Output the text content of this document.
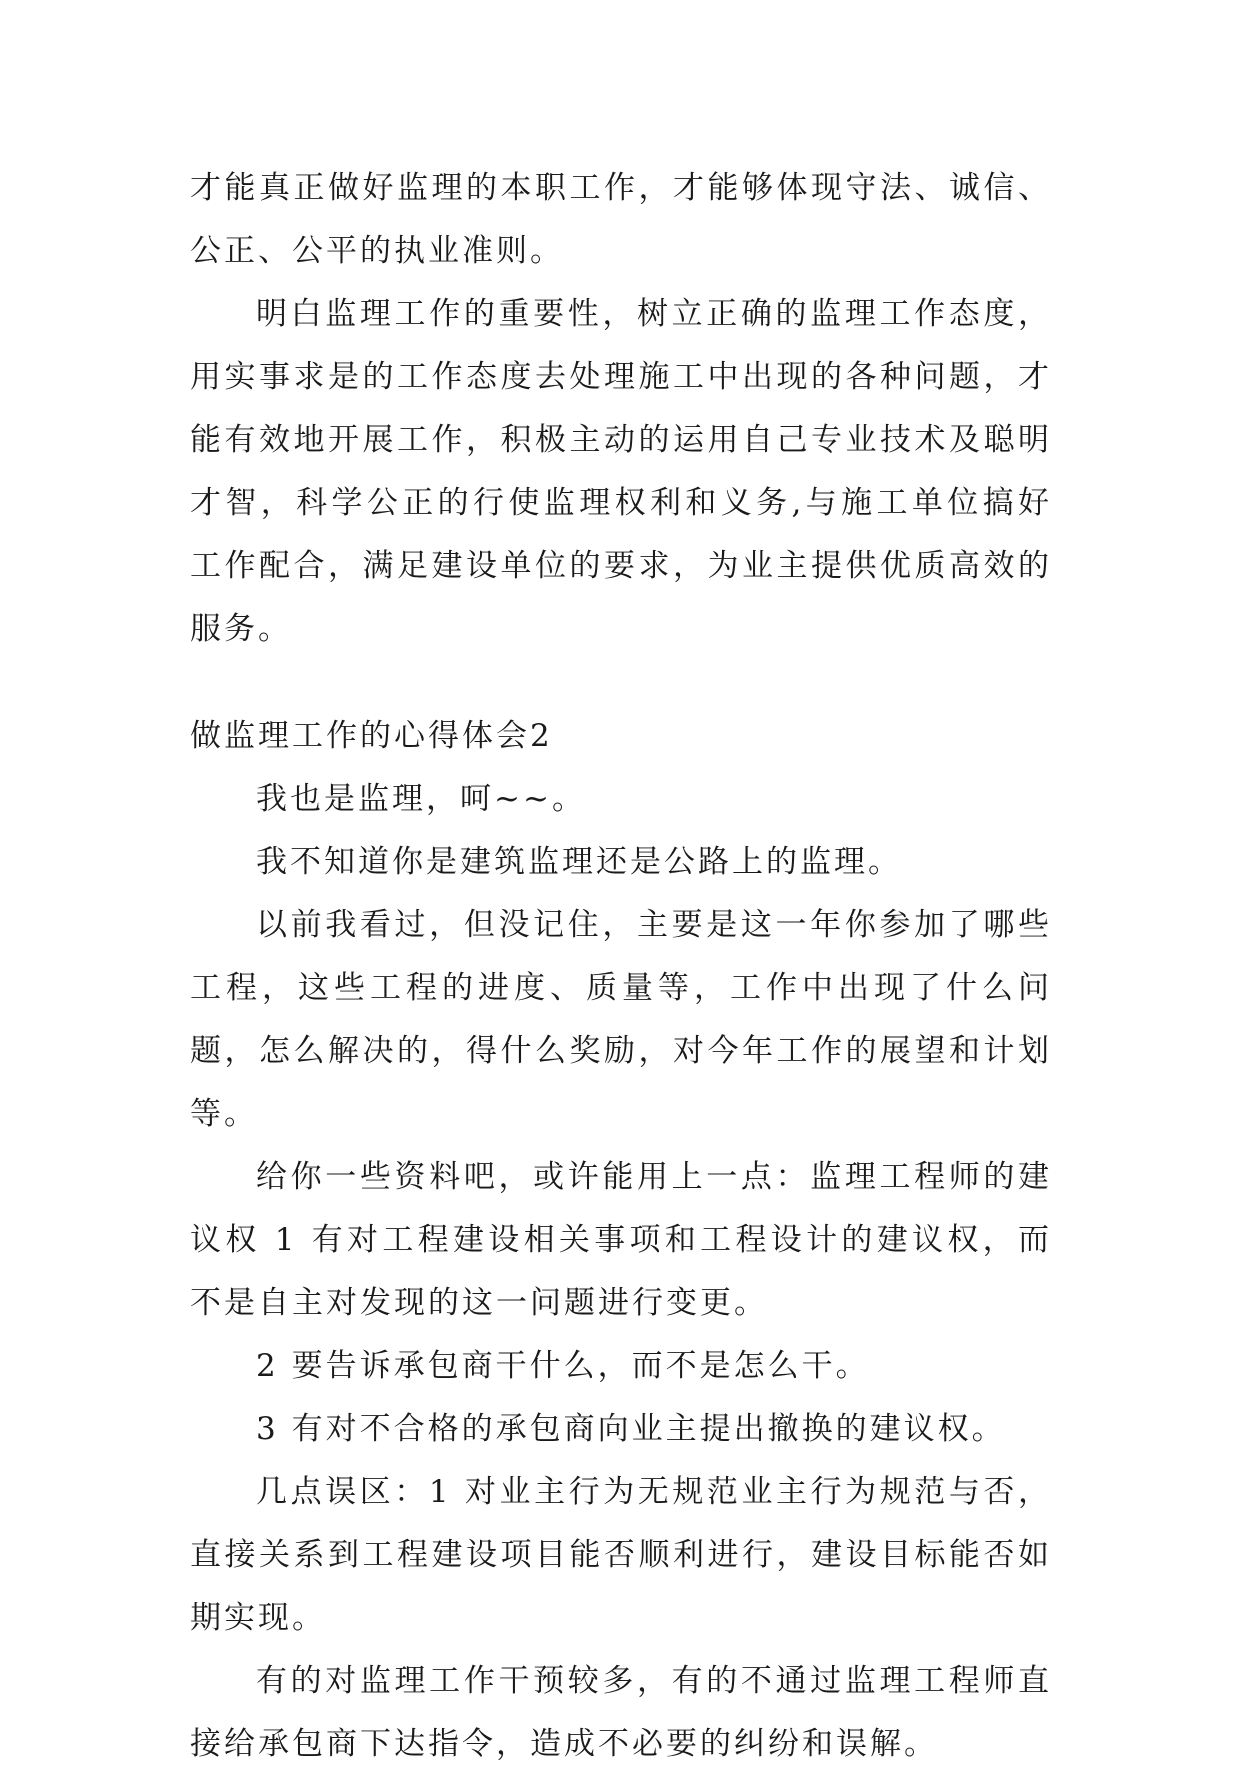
才能真正做好监理的本职工作，才能够体现守法、诚信、公正、公平的执业准则。

明白监理工作的重要性，树立正确的监理工作态度，用实事求是的工作态度去处理施工中出现的各种问题，才能有效地开展工作，积极主动的运用自己专业技术及聪明才智，科学公正的行使监理权利和义务,与施工单位搞好工作配合，满足建设单位的要求，为业主提供优质高效的服务。

做监理工作的心得体会2

我也是监理，呵~~。

我不知道你是建筑监理还是公路上的监理。

以前我看过，但没记住，主要是这一年你参加了哪些工程，这些工程的进度、质量等，工作中出现了什么问题，怎么解决的，得什么奖励，对今年工作的展望和计划等。

给你一些资料吧，或许能用上一点：监理工程师的建议权 1 有对工程建设相关事项和工程设计的建议权，而不是自主对发现的这一问题进行变更。

2 要告诉承包商干什么，而不是怎么干。

3 有对不合格的承包商向业主提出撤换的建议权。

几点误区：1 对业主行为无规范业主行为规范与否，直接关系到工程建设项目能否顺利进行，建设目标能否如期实现。

有的对监理工作干预较多，有的不通过监理工程师直接给承包商下达指令，造成不必要的纠纷和误解。
